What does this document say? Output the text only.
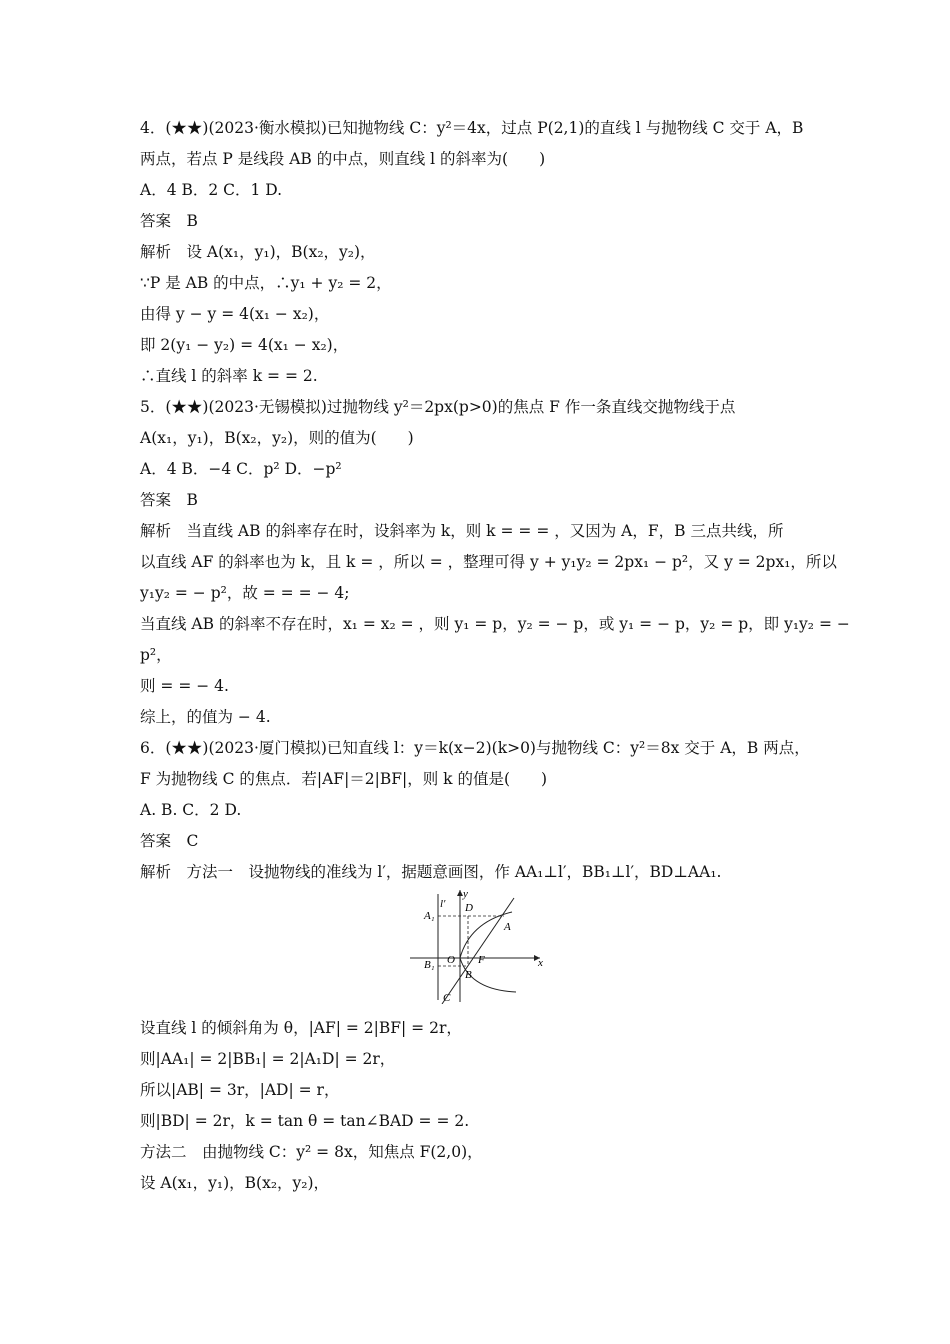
4．(★★)(2023·衡水模拟)已知抛物线 C：y²＝4x，过点 P(2,1)的直线 l 与抛物线 C 交于 A，B
两点，若点 P 是线段 AB 的中点，则直线 l 的斜率为(　　)
A．4 B．2 C．1 D.
答案　B
解析　设 A(x₁，y₁)，B(x₂，y₂)，
∵P 是 AB 的中点，∴y₁ + y₂ = 2，
由得 y − y = 4(x₁ − x₂)，
即 2(y₁ − y₂) = 4(x₁ − x₂)，
∴直线 l 的斜率 k = = 2.
5．(★★)(2023·无锡模拟)过抛物线 y²＝2px(p>0)的焦点 F 作一条直线交抛物线于点
A(x₁，y₁)，B(x₂，y₂)，则的值为(　　)
A．4 B．−4 C．p² D．−p²
答案　B
解析　当直线 AB 的斜率存在时，设斜率为 k，则 k = = = ，又因为 A，F，B 三点共线，所
以直线 AF 的斜率也为 k，且 k = ，所以 = ，整理可得 y + y₁y₂ = 2px₁ − p²，又 y = 2px₁，所以
y₁y₂ = − p²，故 = = = − 4;
当直线 AB 的斜率不存在时，x₁ = x₂ = ，则 y₁ = p，y₂ = − p，或 y₁ = − p，y₂ = p，即 y₁y₂ = −
p²，
则 = = − 4.
综上，的值为 − 4.
6．(★★)(2023·厦门模拟)已知直线 l：y＝k(x−2)(k>0)与抛物线 C：y²＝8x 交于 A，B 两点，
F 为抛物线 C 的焦点．若|AF|＝2|BF|，则 k 的值是(　　)
A. B. C．2 D.
答案　C
解析　方法一　设抛物线的准线为 l′，据题意画图，作 AA₁⊥l′，BB₁⊥l′，BD⊥AA₁.
y
x
l′
A₁
D
A
B₁ O F
B
C
设直线 l 的倾斜角为 θ，|AF| = 2|BF| = 2r，
则|AA₁| = 2|BB₁| = 2|A₁D| = 2r，
所以|AB| = 3r，|AD| = r，
则|BD| = 2r，k = tan θ = tan∠BAD = = 2.
方法二　由抛物线 C：y² = 8x，知焦点 F(2,0)，
设 A(x₁，y₁)，B(x₂，y₂)，
